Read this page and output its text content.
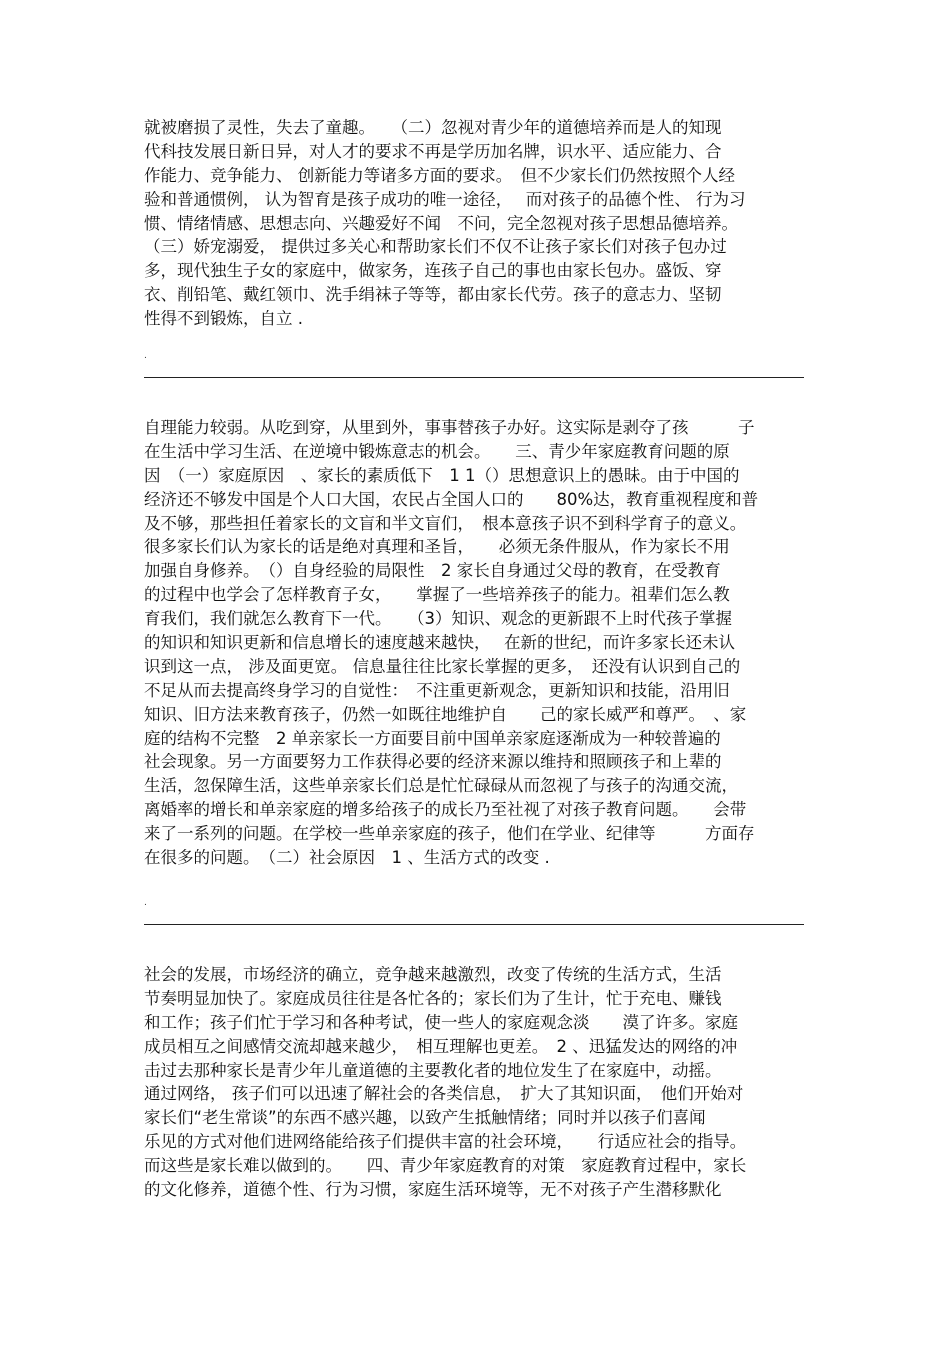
就被磨损了灵性，失去了童趣。　　（二）忽视对青少年的道德培养而是人的知现
代科技发展日新日异，对人才的要求不再是学历加名牌，识水平、适应能力、合
作能力、竞争能力、 创新能力等诸多方面的要求。　但不少家长们仍然按照个人经
验和普通惯例， 认为智育是孩子成功的唯一途径，　 而对孩子的品德个性、 行为习
惯、情绪情感、思想志向、兴趣爱好不闻　不问，完全忽视对孩子思想品德培养。
（三）娇宠溺爱， 提供过多关心和帮助家长们不仅不让孩子家长们对孩子包办过
多，现代独生子女的家庭中，做家务，连孩子自己的事也由家长包办。盛饭、穿
衣、削铅笔、戴红领巾、洗手绢袜子等等，都由家长代劳。孩子的意志力、坚韧
性得不到锻炼，自立 .
.
自理能力较弱。从吃到穿，从里到外，事事替孩子办好。这实际是剥夺了孩　　　子
在生活中学习生活、在逆境中锻炼意志的机会。　　三、青少年家庭教育问题的原
因　（一）家庭原因　、家长的素质低下　1 1（）思想意识上的愚昧。由于中国的
经济还不够发中国是个人口大国，农民占全国人口的　　80%达，教育重视程度和普
及不够，那些担任着家长的文盲和半文盲们，　根本意孩子识不到科学育子的意义。
很多家长们认为家长的话是绝对真理和圣旨，　　必须无条件服从，作为家长不用
加强自身修养。　（）自身经验的局限性　2 家长自身通过父母的教育，在受教育
的过程中也学会了怎样教育子女，　　掌握了一些培养孩子的能力。祖辈们怎么教
育我们，我们就怎么教育下一代。　　（3）知识、观念的更新跟不上时代孩子掌握
的知识和知识更新和信息增长的速度越来越快，　 在新的世纪，而许多家长还未认
识到这一点， 涉及面更宽。 信息量往往比家长掌握的更多，　还没有认识到自己的
不足从而去提高终身学习的自觉性：　不注重更新观念，更新知识和技能，沿用旧
知识、旧方法来教育孩子，仍然一如既往地维护自　　己的家长威严和尊严。　、家
庭的结构不完整　2 单亲家长一方面要目前中国单亲家庭逐渐成为一种较普遍的
社会现象。另一方面要努力工作获得必要的经济来源以维持和照顾孩子和上辈的
生活，忽保障生活，这些单亲家长们总是忙忙碌碌从而忽视了与孩子的沟通交流，
离婚率的增长和单亲家庭的增多给孩子的成长乃至社视了对孩子教育问题。　　会带
来了一系列的问题。在学校一些单亲家庭的孩子，他们在学业、纪律等　　　方面存
在很多的问题。　（二）社会原因　1 、生活方式的改变 .
.
社会的发展，市场经济的确立，竞争越来越激烈，改变了传统的生活方式，生活
节奏明显加快了。家庭成员往往是各忙各的；家长们为了生计，忙于充电、赚钱
和工作；孩子们忙于学习和各种考试，使一些人的家庭观念淡　　漠了许多。家庭
成员相互之间感情交流却越来越少，　相互理解也更差。　2 、迅猛发达的网络的冲
击过去那种家长是青少年儿童道德的主要教化者的地位发生了在家庭中，动摇。
通过网络， 孩子们可以迅速了解社会的各类信息，　扩大了其知识面，　他们开始对
家长们“老生常谈”的东西不感兴趣，以致产生抵触情绪；同时并以孩子们喜闻
乐见的方式对他们进网络能给孩子们提供丰富的社会环境，　　行适应社会的指导。
而这些是家长难以做到的。　　四、青少年家庭教育的对策　家庭教育过程中，家长
的文化修养，道德个性、行为习惯，家庭生活环境等，无不对孩子产生潜移默化
